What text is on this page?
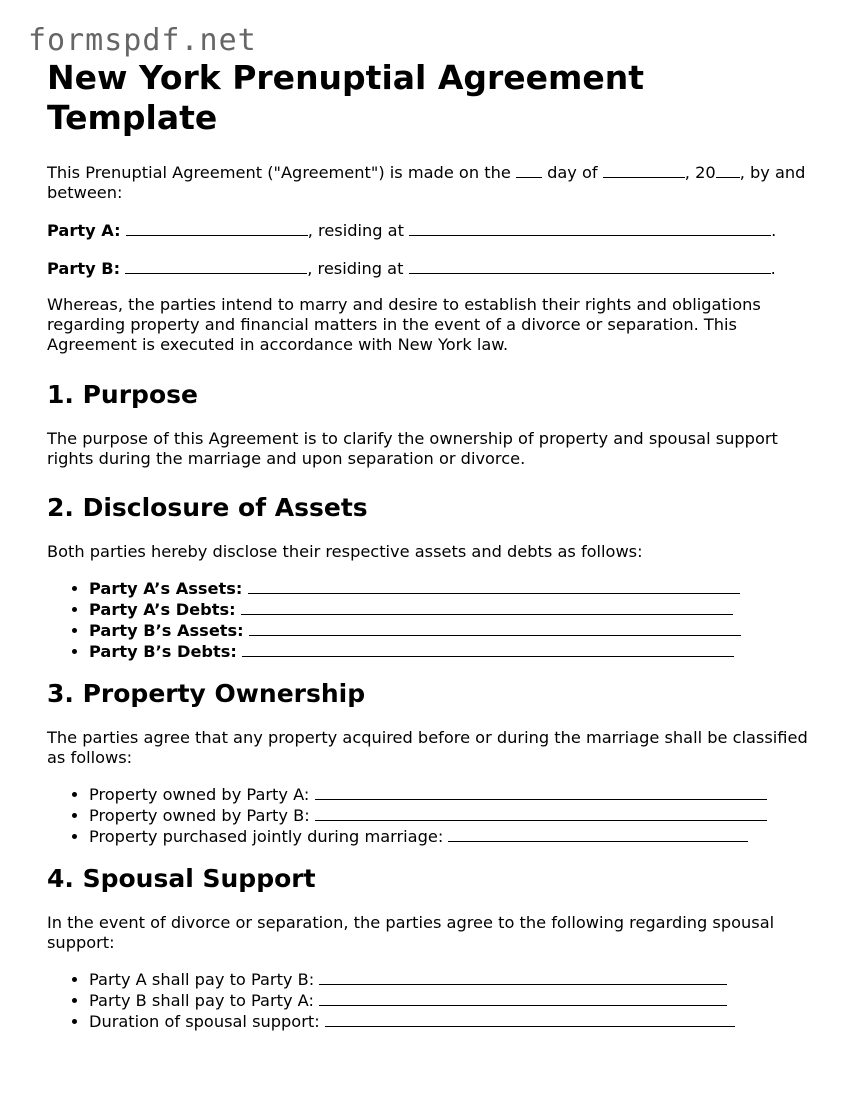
formspdf.net
New York Prenuptial Agreement Template

This Prenuptial Agreement ("Agreement") is made on the day of	, 20 , by and between:

Party A:	, residing at	.

Party B:	, residing at	.

Whereas, the parties intend to marry and desire to establish their rights and obligations regarding property and financial matters in the event of a divorce or separation. This Agreement is executed in accordance with New York law.

1. Purpose

The purpose of this Agreement is to clarify the ownership of property and spousal support rights during the marriage and upon separation or divorce.

2. Disclosure of Assets

Both parties hereby disclose their respective assets and debts as follows:

• Party A’s Assets:
• Party A’s Debts:
• Party B’s Assets:
• Party B’s Debts:
3. Property Ownership

The parties agree that any property acquired before or during the marriage shall be classified as follows:

• Property owned by Party A:
• Property owned by Party B:
• Property purchased jointly during marriage:
4. Spousal Support

In the event of divorce or separation, the parties agree to the following regarding spousal support:

• Party A shall pay to Party B:
• Party B shall pay to Party A:
• Duration of spousal support:
